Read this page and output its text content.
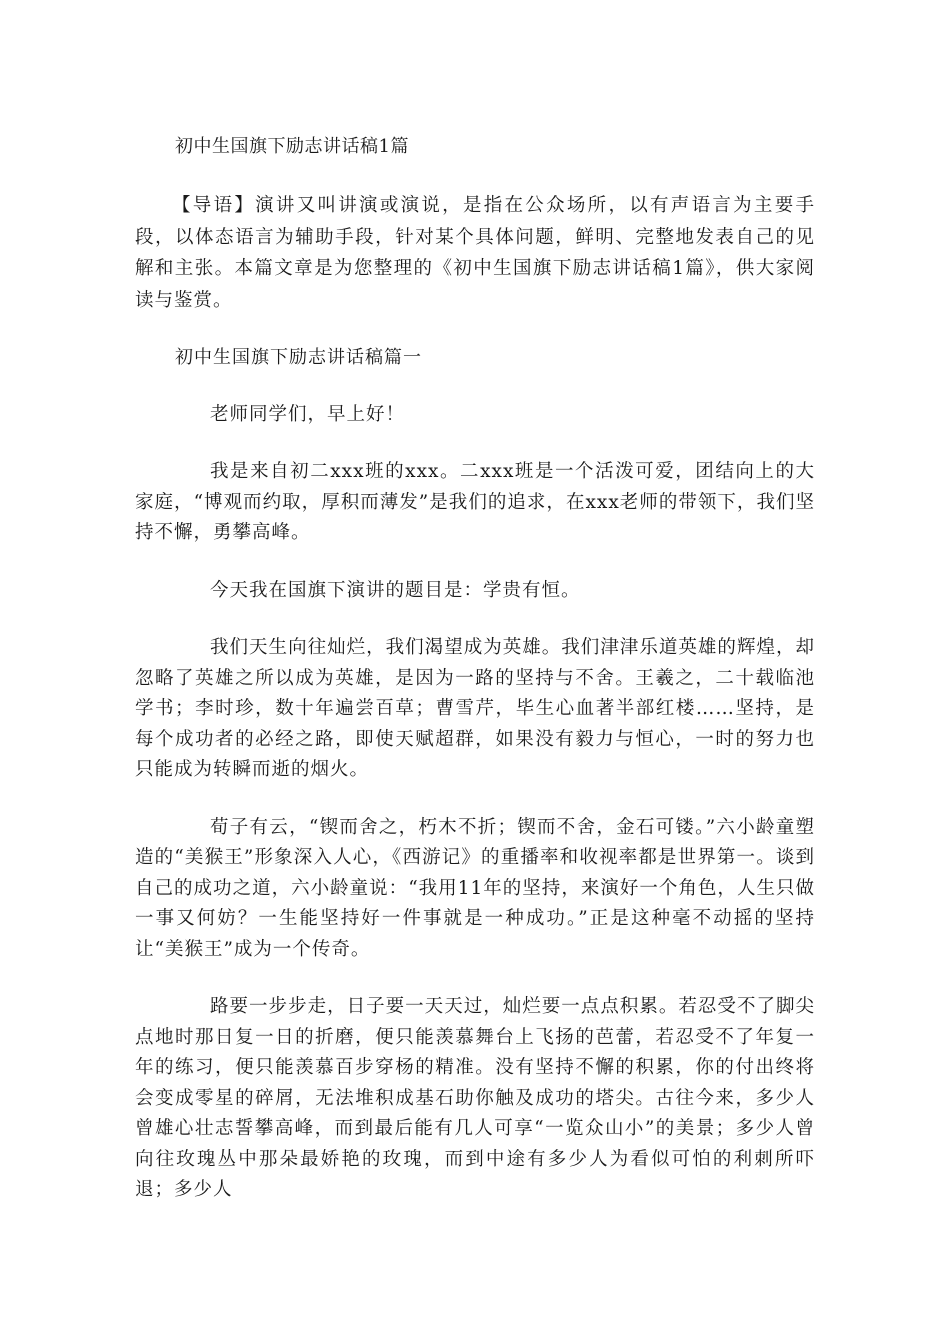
初中生国旗下励志讲话稿1篇

【导语】演讲又叫讲演或演说，是指在公众场所，以有声语言为主要手段，以体态语言为辅助手段，针对某个具体问题，鲜明、完整地发表自己的见解和主张。本篇文章是为您整理的《初中生国旗下励志讲话稿1篇》，供大家阅读与鉴赏。

初中生国旗下励志讲话稿篇一

老师同学们，早上好！

我是来自初二xxx班的xxx。二xxx班是一个活泼可爱，团结向上的大家庭，“博观而约取，厚积而薄发”是我们的追求，在xxx老师的带领下，我们坚持不懈，勇攀高峰。

今天我在国旗下演讲的题目是：学贵有恒。

我们天生向往灿烂，我们渴望成为英雄。我们津津乐道英雄的辉煌，却忽略了英雄之所以成为英雄，是因为一路的坚持与不舍。王羲之，二十载临池学书；李时珍，数十年遍尝百草；曹雪芹，毕生心血著半部红楼……坚持，是每个成功者的必经之路，即使天赋超群，如果没有毅力与恒心，一时的努力也只能成为转瞬而逝的烟火。

荀子有云，“锲而舍之，朽木不折；锲而不舍，金石可镂。”六小龄童塑造的“美猴王”形象深入人心，《西游记》的重播率和收视率都是世界第一。谈到自己的成功之道，六小龄童说：“我用11年的坚持，来演好一个角色，人生只做一事又何妨？一生能坚持好一件事就是一种成功。”正是这种毫不动摇的坚持让“美猴王”成为一个传奇。

路要一步步走，日子要一天天过，灿烂要一点点积累。若忍受不了脚尖点地时那日复一日的折磨，便只能羡慕舞台上飞扬的芭蕾，若忍受不了年复一年的练习，便只能羡慕百步穿杨的精准。没有坚持不懈的积累，你的付出终将会变成零星的碎屑，无法堆积成基石助你触及成功的塔尖。古往今来，多少人曾雄心壮志誓攀高峰，而到最后能有几人可享“一览众山小”的美景；多少人曾向往玫瑰丛中那朵最娇艳的玫瑰，而到中途有多少人为看似可怕的利刺所吓退；多少人
